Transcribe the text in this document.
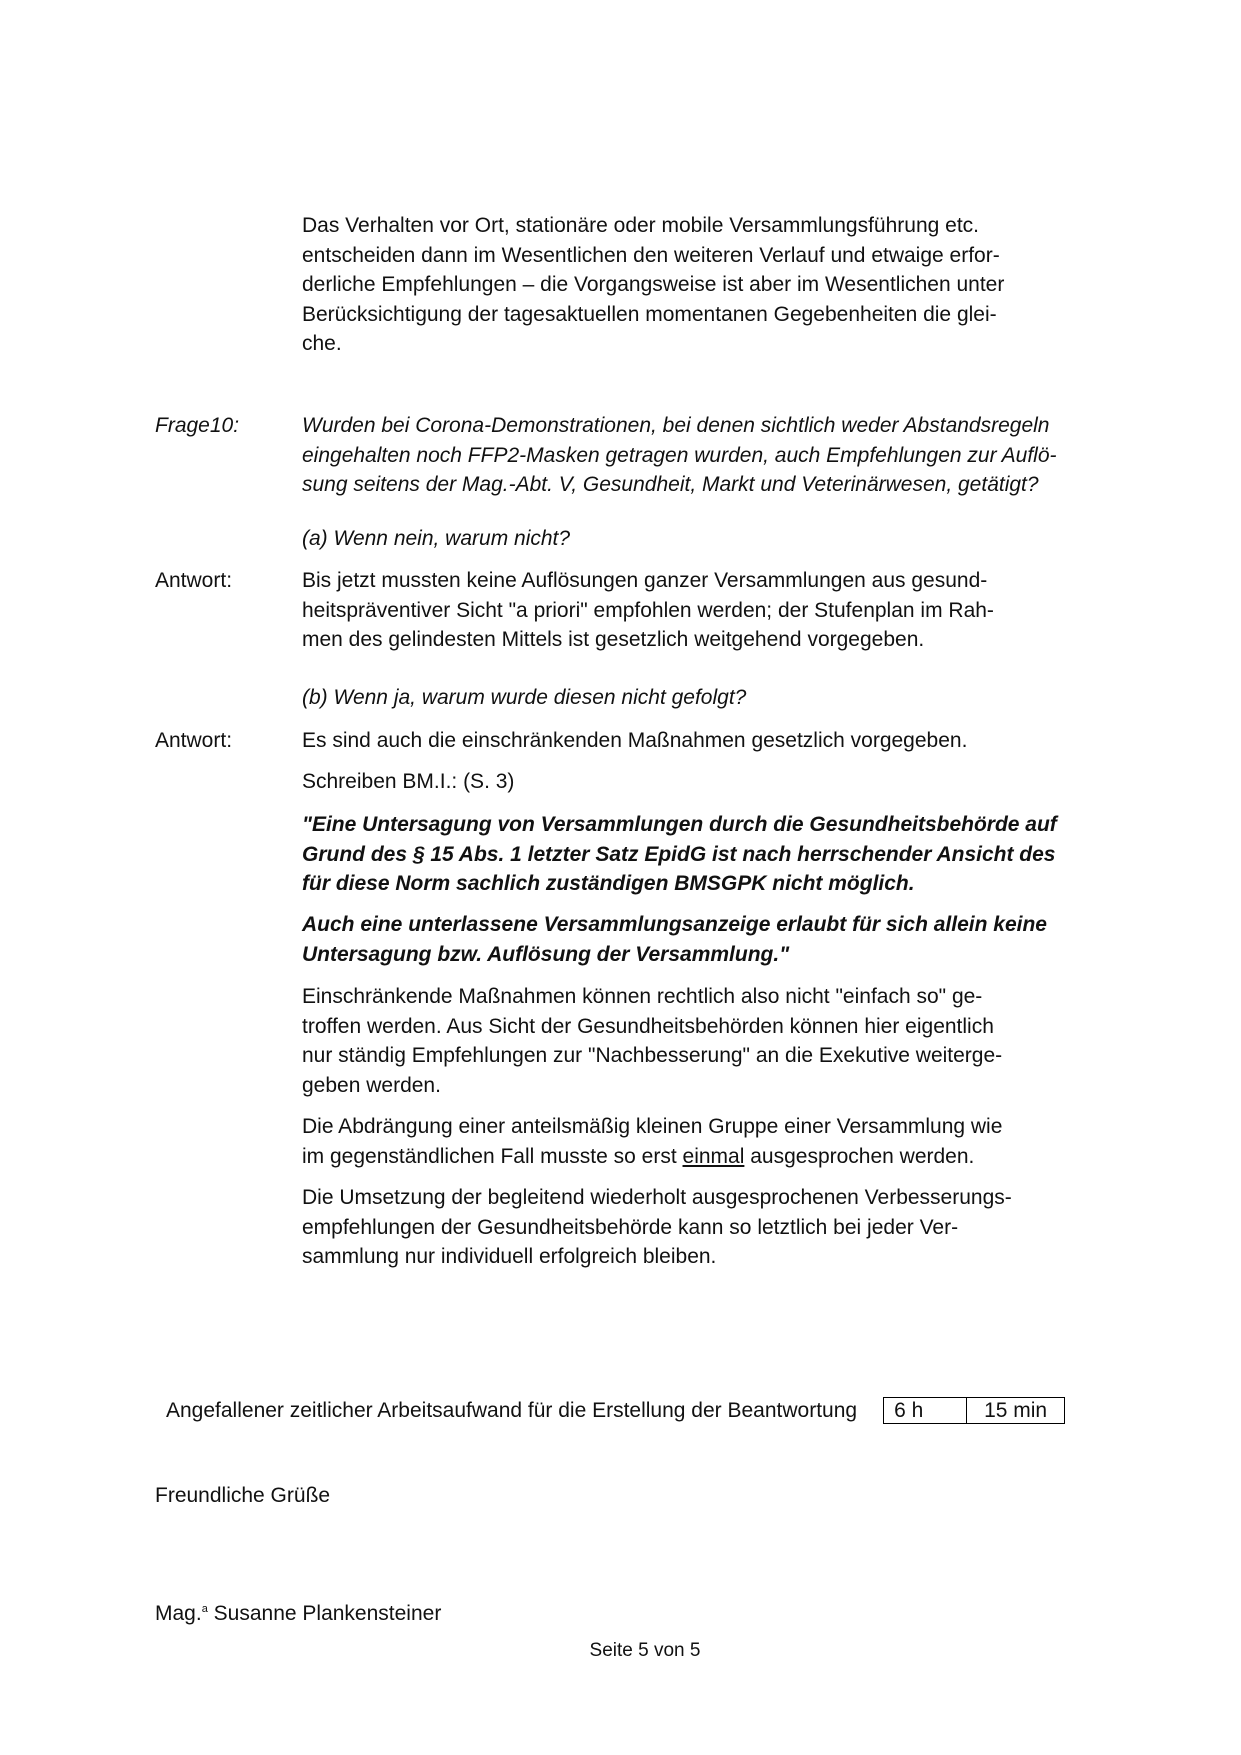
Das Verhalten vor Ort, stationäre oder mobile Versammlungsführung etc.
entscheiden dann im Wesentlichen den weiteren Verlauf und etwaige erfor-
derliche Empfehlungen – die Vorgangsweise ist aber im Wesentlichen unter
Berücksichtigung der tagesaktuellen momentanen Gegebenheiten die glei-
che.
Frage10:	Wurden bei Corona-Demonstrationen, bei denen sichtlich weder Abstandsregeln
eingehalten noch FFP2-Masken getragen wurden, auch Empfehlungen zur Auflö-
sung seitens der Mag.-Abt. V, Gesundheit, Markt und Veterinärwesen, getätigt?
(a) Wenn nein, warum nicht?
Antwort:	Bis jetzt mussten keine Auflösungen ganzer Versammlungen aus gesund-
heitspräventiver Sicht "a priori" empfohlen werden; der Stufenplan im Rah-
men des gelindesten Mittels ist gesetzlich weitgehend vorgegeben.
(b) Wenn ja, warum wurde diesen nicht gefolgt?
Antwort:	Es sind auch die einschränkenden Maßnahmen gesetzlich vorgegeben.
Schreiben BM.I.: (S. 3)
"Eine Untersagung von Versammlungen durch die Gesundheitsbehörde auf
Grund des § 15 Abs. 1 letzter Satz EpidG ist nach herrschender Ansicht des
für diese Norm sachlich zuständigen BMSGPK nicht möglich.
Auch eine unterlassene Versammlungsanzeige erlaubt für sich allein keine
Untersagung bzw. Auflösung der Versammlung."
Einschränkende Maßnahmen können rechtlich also nicht "einfach so" ge-
troffen werden. Aus Sicht der Gesundheitsbehörden können hier eigentlich
nur ständig Empfehlungen zur "Nachbesserung" an die Exekutive weiterge-
geben werden.
Die Abdrängung einer anteilsmäßig kleinen Gruppe einer Versammlung wie
im gegenständlichen Fall musste so erst einmal ausgesprochen werden.
Die Umsetzung der begleitend wiederholt ausgesprochenen Verbesserungs-
empfehlungen der Gesundheitsbehörde kann so letztlich bei jeder Ver-
sammlung nur individuell erfolgreich bleiben.
Angefallener zeitlicher Arbeitsaufwand für die Erstellung der Beantwortung	6 h	15 min
Freundliche Grüße
Mag.$^a$ Susanne Plankensteiner
Seite 5 von 5
